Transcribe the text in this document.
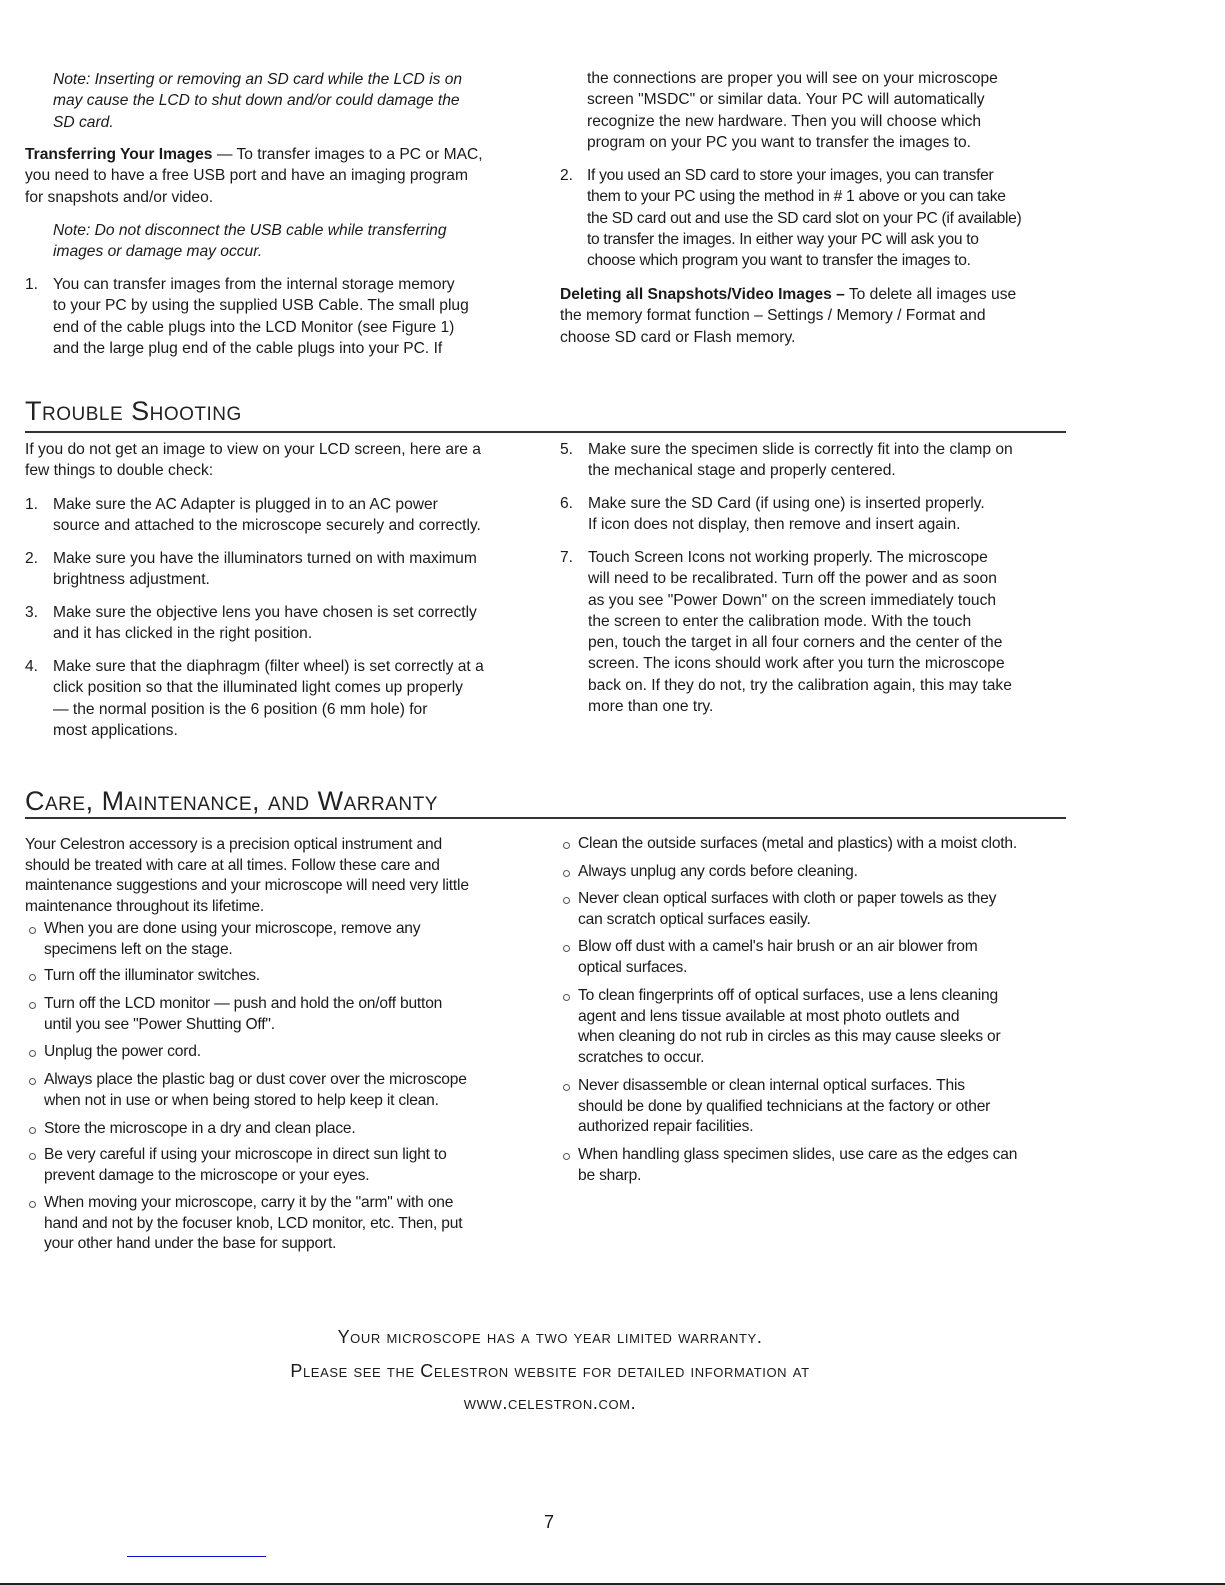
Note: Inserting or removing an SD card while the LCD is on
may cause the LCD to shut down and/or could damage the
SD card.
Transferring Your Images — To transfer images to a PC or MAC,
you need to have a free USB port and have an imaging program
for snapshots and/or video.
Note: Do not disconnect the USB cable while transferring
images or damage may occur.
1. You can transfer images from the internal storage memory
to your PC by using the supplied USB Cable. The small plug
end of the cable plugs into the LCD Monitor (see Figure 1)
and the large plug end of the cable plugs into your PC. If
the connections are proper you will see on your microscope
screen "MSDC" or similar data. Your PC will automatically
recognize the new hardware. Then you will choose which
program on your PC you want to transfer the images to.
2. If you used an SD card to store your images, you can transfer
them to your PC using the method in # 1 above or you can take
the SD card out and use the SD card slot on your PC (if available)
to transfer the images. In either way your PC will ask you to
choose which program you want to transfer the images to.
Deleting all Snapshots/Video Images – To delete all images use
the memory format function – Settings / Memory / Format and
choose SD card or Flash memory.
Trouble Shooting
If you do not get an image to view on your LCD screen, here are a
few things to double check:
1. Make sure the AC Adapter is plugged in to an AC power
source and attached to the microscope securely and correctly.
2. Make sure you have the illuminators turned on with maximum
brightness adjustment.
3. Make sure the objective lens you have chosen is set correctly
and it has clicked in the right position.
4. Make sure that the diaphragm (filter wheel) is set correctly at a
click position so that the illuminated light comes up properly
— the normal position is the 6 position (6 mm hole) for
most applications.
5. Make sure the specimen slide is correctly fit into the clamp on
the mechanical stage and properly centered.
6. Make sure the SD Card (if using one) is inserted properly.
If icon does not display, then remove and insert again.
7. Touch Screen Icons not working properly. The microscope
will need to be recalibrated. Turn off the power and as soon
as you see "Power Down" on the screen immediately touch
the screen to enter the calibration mode. With the touch
pen, touch the target in all four corners and the center of the
screen. The icons should work after you turn the microscope
back on. If they do not, try the calibration again, this may take
more than one try.
Care, Maintenance, and Warranty
Your Celestron accessory is a precision optical instrument and
should be treated with care at all times. Follow these care and
maintenance suggestions and your microscope will need very little
maintenance throughout its lifetime.
When you are done using your microscope, remove any
specimens left on the stage.
Turn off the illuminator switches.
Turn off the LCD monitor — push and hold the on/off button
until you see "Power Shutting Off".
Unplug the power cord.
Always place the plastic bag or dust cover over the microscope
when not in use or when being stored to help keep it clean.
Store the microscope in a dry and clean place.
Be very careful if using your microscope in direct sun light to
prevent damage to the microscope or your eyes.
When moving your microscope, carry it by the "arm" with one
hand and not by the focuser knob, LCD monitor, etc. Then, put
your other hand under the base for support.
Clean the outside surfaces (metal and plastics) with a moist cloth.
Always unplug any cords before cleaning.
Never clean optical surfaces with cloth or paper towels as they
can scratch optical surfaces easily.
Blow off dust with a camel's hair brush or an air blower from
optical surfaces.
To clean fingerprints off of optical surfaces, use a lens cleaning
agent and lens tissue available at most photo outlets and
when cleaning do not rub in circles as this may cause sleeks or
scratches to occur.
Never disassemble or clean internal optical surfaces. This
should be done by qualified technicians at the factory or other
authorized repair facilities.
When handling glass specimen slides, use care as the edges can
be sharp.
Your microscope has a two year limited warranty.
Please see the Celestron website for detailed information at
www.celestron.com.
7
